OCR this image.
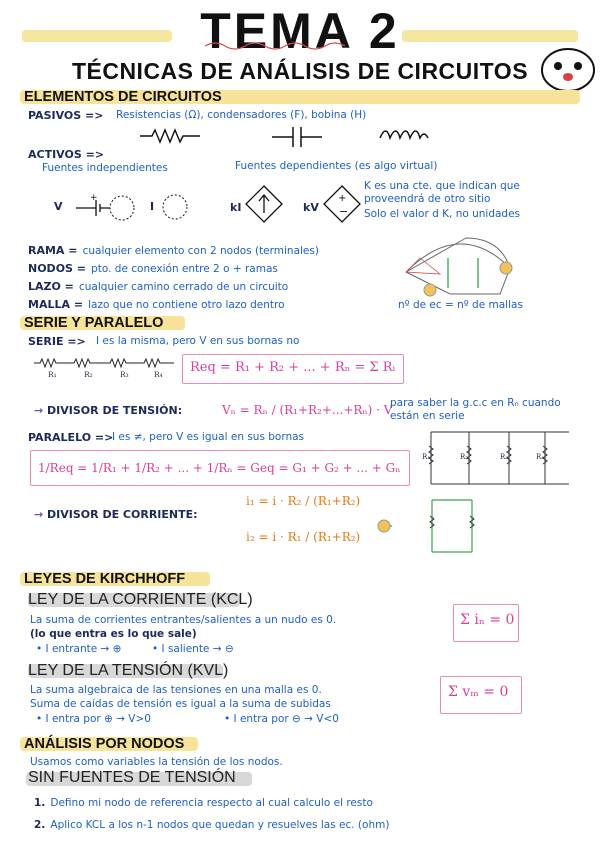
TEMA 2
TÉCNICAS DE ANÁLISIS DE CIRCUITOS
ELEMENTOS DE CIRCUITOS
PASIVOS => Resistencias (Ω), condensadores (F), bobina (H)
ACTIVOS =>
Fuentes independientes	Fuentes dependientes (es algo virtual)
V
+
I	kI	kV
+
−
K es una cte. que indican que proveendrá de otro sitio
Solo el valor d K, no unidades
RAMA = cualquier elemento con 2 nodos (terminales)
NODOS = pto. de conexión entre 2 o + ramas
LAZO = cualquier camino cerrado de un circuito
MALLA = lazo que no contiene otro lazo dentro	nº de ec = nº de mallas
SERIE Y PARALELO
SERIE => I es la misma, pero V en sus bornas no
R₁	R₂	R₃	R₄ Req = R₁ + R₂ + ... + Rₙ = Σ Rᵢ
→ DIVISOR DE TENSIÓN:	Vₙ = Rₙ / (R₁+R₂+...+Rₙ) · V
para saber la g.c.c en Rₙ cuando están en serie
PARALELO =>
I es ≠, pero V es igual en sus bornas
1/Req = 1/R₁ + 1/R₂ + ... + 1/Rₙ = Geq = G₁ + G₂ + ... + Gₙ
R₁	R₂	R₃	R₄
→ DIVISOR DE CORRIENTE:
i₁ = i · R₂ / (R₁+R₂)
i₂ = i · R₁ / (R₁+R₂)
LEYES DE KIRCHHOFF
LEY DE LA CORRIENTE (KCL)
La suma de corrientes entrantes/salientes a un nudo es 0.
(lo que entra es lo que sale)
• I entrante → ⊕	• I saliente → ⊖
Σ iₙ = 0
LEY DE LA TENSIÓN (KVL)
La suma algebraica de las tensiones en una malla es 0.
Suma de caídas de tensión es igual a la suma de subidas
• I entra por ⊕ → V>0	• I entra por ⊖ → V<0
Σ vₘ = 0
ANÁLISIS POR NODOS
Usamos como variables la tensión de los nodos.
SIN FUENTES DE TENSIÓN
1. Defino mi nodo de referencia respecto al cual calculo el resto
2. Aplico KCL a los n-1 nodos que quedan y resuelves las ec. (ohm)
